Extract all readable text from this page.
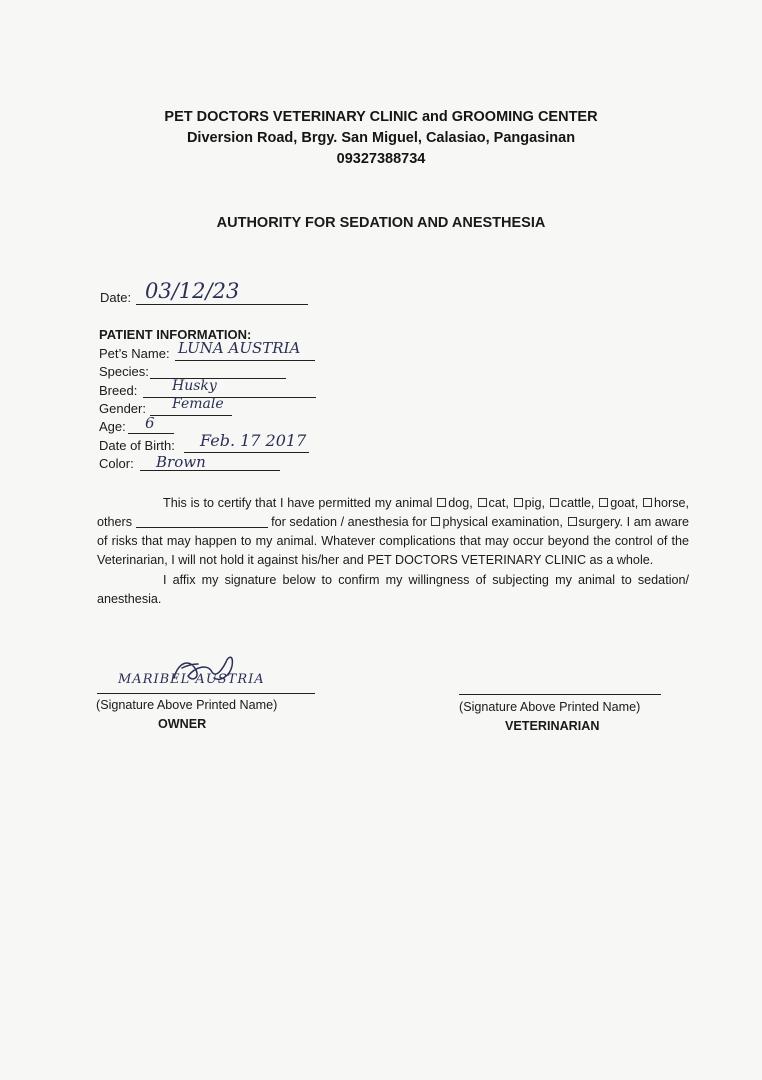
PET DOCTORS VETERINARY CLINIC and GROOMING CENTER
Diversion Road, Brgy. San Miguel, Calasiao, Pangasinan
09327388734
AUTHORITY FOR SEDATION AND ANESTHESIA
Date: 03/12/23
PATIENT INFORMATION:
Pet’s Name: LUNA AUSTRIA
Species:
Breed: Husky
Gender: Female
Age: 6
Date of Birth: Feb. 17 2017
Color: Brown

This is to certify that I have permitted my animal dog, cat, pig, cattle, goat, horse, others	for sedation / anesthesia for physical examination, surgery. I am aware of risks that may happen to my animal. Whatever complications that may occur beyond the control of the Veterinarian, I will not hold it against his/her and PET DOCTORS VETERINARY CLINIC as a whole.

I affix my signature below to confirm my willingness of subjecting my animal to sedation/ anesthesia.

MARIBEL AUSTRIA
(Signature Above Printed Name)
OWNER
(Signature Above Printed Name)
VETERINARIAN
